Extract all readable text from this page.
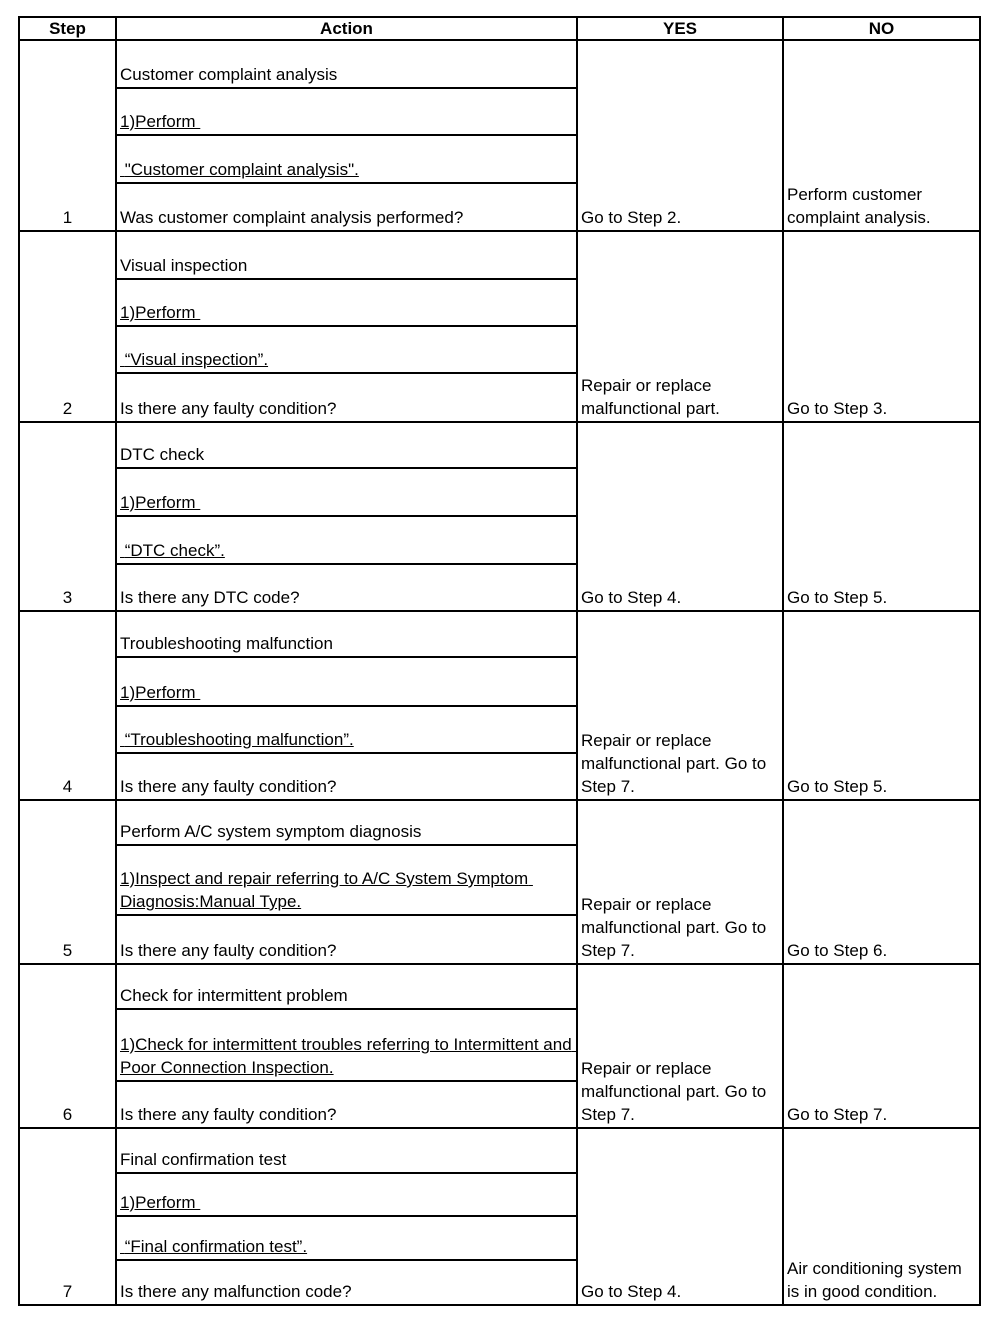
Step	Action	YES	NO
1	Customer complaint analysis
1)Perform
"Customer complaint analysis".
Was customer complaint analysis performed?	Go to Step 2.	Perform customer complaint analysis.
2	Visual inspection
1)Perform
“Visual inspection”.
Is there any faulty condition?	Repair or replace malfunctional part.	Go to Step 3.
3	DTC check
1)Perform
“DTC check”.
Is there any DTC code?	Go to Step 4.	Go to Step 5.
4	Troubleshooting malfunction
1)Perform
“Troubleshooting malfunction”.
Is there any faulty condition?	Repair or replace malfunctional part. Go to Step 7.	Go to Step 5.
5	Perform A/C system symptom diagnosis
1)Inspect and repair referring to A/C System Symptom Diagnosis:Manual Type.
Is there any faulty condition?	Repair or replace malfunctional part. Go to Step 7.	Go to Step 6.
6	Check for intermittent problem
1)Check for intermittent troubles referring to Intermittent and Poor Connection Inspection.
Is there any faulty condition?	Repair or replace malfunctional part. Go to Step 7.	Go to Step 7.
7	Final confirmation test
1)Perform
“Final confirmation test”.
Is there any malfunction code?	Go to Step 4.	Air conditioning system is in good condition.
